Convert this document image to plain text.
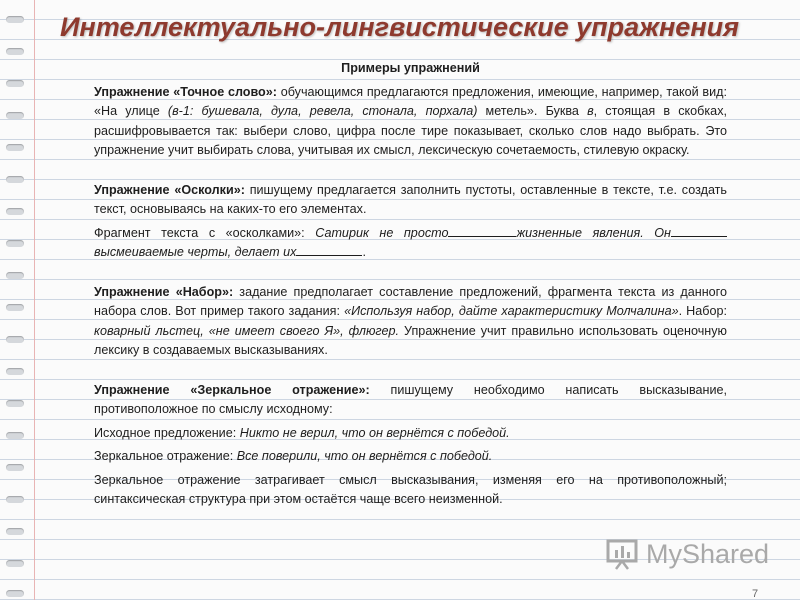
Интеллектуально-лингвистические упражнения
Примеры упражнений

Упражнение «Точное слово»: обучающимся предлагаются предложения, имеющие, например, такой вид: «На улице (в-1: бушевала, дула, ревела, стонала, порхала) метель». Буква в, стоящая в скобках, расшифровывается так: выбери слово, цифра после тире показывает, сколько слов надо выбрать. Это упражнение учит выбирать слова, учитывая их смысл, лексическую сочетаемость, стилевую окраску.

Упражнение «Осколки»: пишущему предлагается заполнить пустоты, оставленные в тексте, т.е. создать текст, основываясь на каких-то его элементах.

Фрагмент текста с «осколками»: Сатирик не просто	жизненные явления. Онвысмеиваемые черты, делает их	.

Упражнение «Набор»: задание предполагает составление предложений, фрагмента текста из данного набора слов. Вот пример такого задания: «Используя набор, дайте характеристику Молчалина». Набор: коварный льстец, «не имеет своего Я», флюгер. Упражнение учит правильно использовать оценочную лексику в создаваемых высказываниях.

Упражнение «Зеркальное отражение»: пишущему необходимо написать высказывание, противоположное по смыслу исходному:

Исходное предложение: Никто не верил, что он вернётся с победой.

Зеркальное отражение: Все поверили, что он вернётся с победой.

Зеркальное отражение затрагивает смысл высказывания, изменяя его на противоположный; синтаксическая структура при этом остаётся чаще всего неизменной.

MyShared
7
